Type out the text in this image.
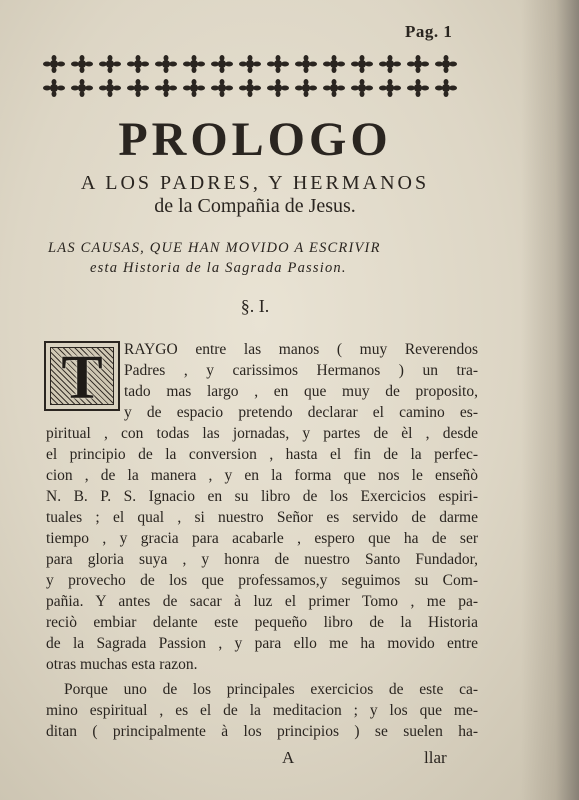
Pag. 1
PROLOGO
A LOS PADRES, Y HERMANOS
de la Compañia de Jesus.
LAS CAUSAS, QUE HAN MOVIDO A ESCRIVIR
esta Historia de la Sagrada Passion.
§. I.
T	RAYGO entre las manos ( muy Reverendos
Padres , y carissimos Hermanos ) un tra-
tado mas largo , en que muy de proposito,
y de espacio pretendo declarar el camino es-
piritual , con todas las jornadas, y partes de èl , desde
el principio de la conversion , hasta el fin de la perfec-
cion , de la manera , y en la forma que nos le enseñò
N. B. P. S. Ignacio en su libro de los Exercicios espiri-
tuales ; el qual , si nuestro Señor es servido de darme
tiempo , y gracia para acabarle , espero que ha de ser
para gloria suya , y honra de nuestro Santo Fundador,
y provecho de los que professamos,y seguimos su Com-
pañia. Y antes de sacar à luz el primer Tomo , me pa-
reciò embiar delante este pequeño libro de la Historia
de la Sagrada Passion , y para ello me ha movido entre
otras muchas esta razon.
Porque uno de los principales exercicios de este ca-
mino espiritual , es el de la meditacion ; y los que me-
ditan ( principalmente à los principios ) se suelen ha-
A	llar
